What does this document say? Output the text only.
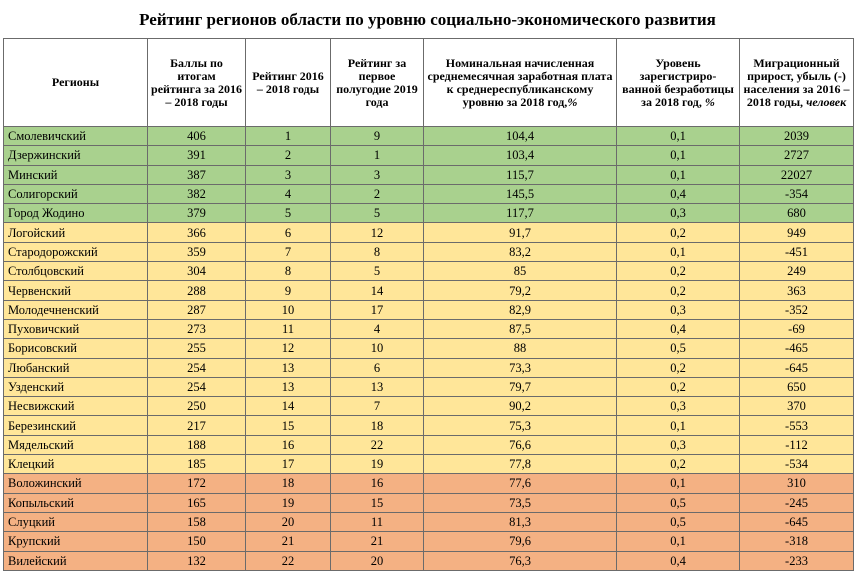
Рейтинг регионов области по уровню социально-экономического развития
Регионы	Баллы по итогам рейтинга за 2016 – 2018 годы	Рейтинг 2016 – 2018 годы	Рейтинг за первое полугодие 2019 года	Номинальная начисленная среднемесячная заработная плата к среднереспубликанскому уровню за 2018 год,%	Уровень зарегистриро-ванной безработицы за 2018 год, %	Миграционный прирост, убыль (-) населения за 2016 – 2018 годы, человек
Смолевичский	406	1	9	104,4	0,1	2039
Дзержинский	391	2	1	103,4	0,1	2727
Минский	387	3	3	115,7	0,1	22027
Солигорский	382	4	2	145,5	0,4	-354
Город Жодино	379	5	5	117,7	0,3	680
Логойский	366	6	12	91,7	0,2	949
Стародорожский	359	7	8	83,2	0,1	-451
Столбцовский	304	8	5	85	0,2	249
Червенский	288	9	14	79,2	0,2	363
Молодечненский	287	10	17	82,9	0,3	-352
Пуховичский	273	11	4	87,5	0,4	-69
Борисовский	255	12	10	88	0,5	-465
Любанский	254	13	6	73,3	0,2	-645
Узденский	254	13	13	79,7	0,2	650
Несвижский	250	14	7	90,2	0,3	370
Березинский	217	15	18	75,3	0,1	-553
Мядельский	188	16	22	76,6	0,3	-112
Клецкий	185	17	19	77,8	0,2	-534
Воложинский	172	18	16	77,6	0,1	310
Копыльский	165	19	15	73,5	0,5	-245
Слуцкий	158	20	11	81,3	0,5	-645
Крупский	150	21	21	79,6	0,1	-318
Вилейский	132	22	20	76,3	0,4	-233
